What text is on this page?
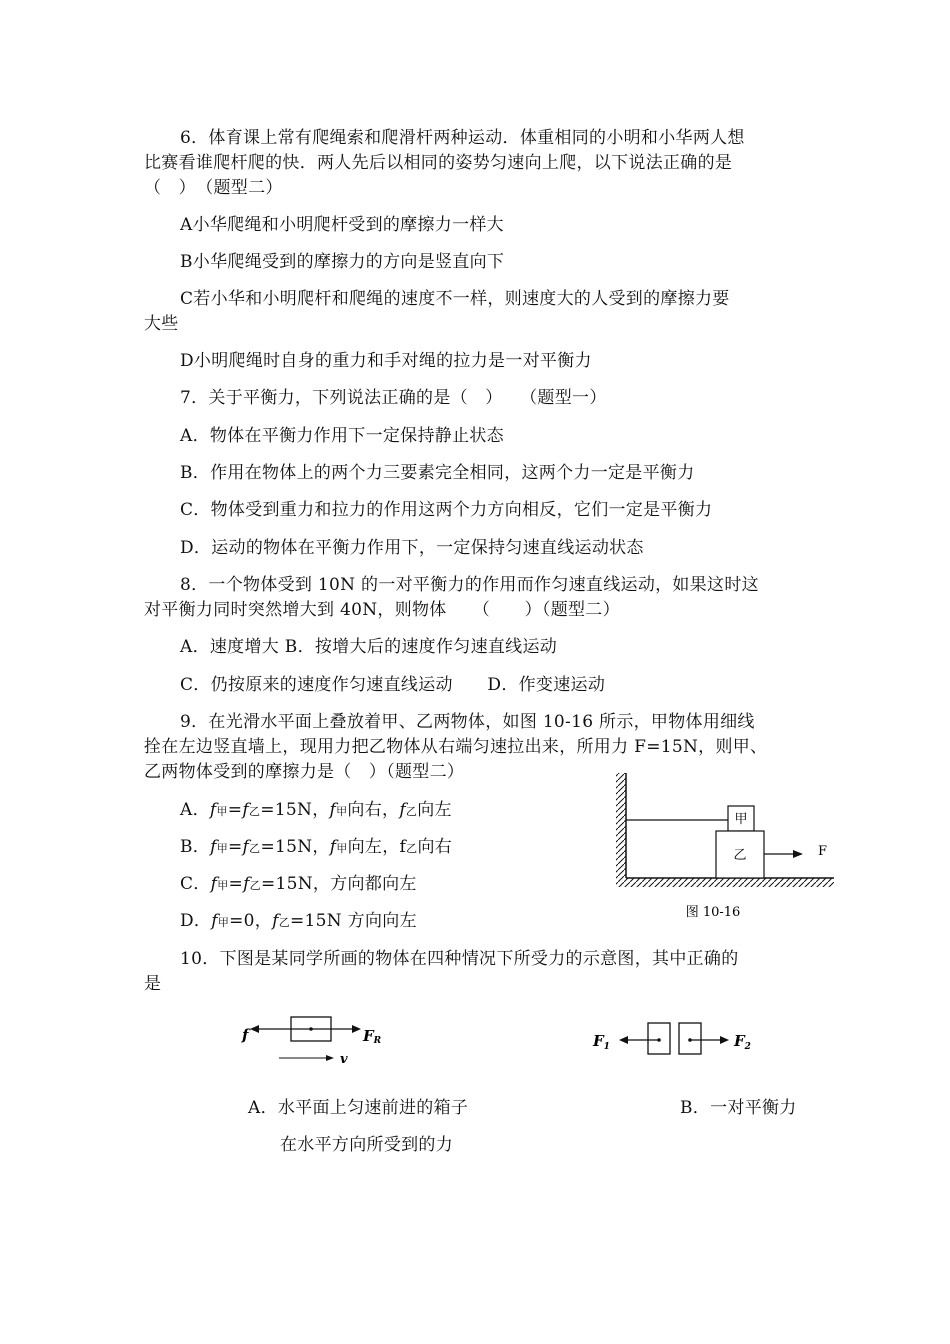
6．体育课上常有爬绳索和爬滑杆两种运动．体重相同的小明和小华两人想
比赛看谁爬杆爬的快．两人先后以相同的姿势匀速向上爬，以下说法正确的是
（　）　（题型二）
A小华爬绳和小明爬杆受到的摩擦力一样大
B小华爬绳受到的摩擦力的方向是竖直向下
C若小华和小明爬杆和爬绳的速度不一样，则速度大的人受到的摩擦力要
大些
D小明爬绳时自身的重力和手对绳的拉力是一对平衡力
7．关于平衡力，下列说法正确的是（　）　　（题型一）
A．物体在平衡力作用下一定保持静止状态
B．作用在物体上的两个力三要素完全相同，这两个力一定是平衡力
C．物体受到重力和拉力的作用这两个力方向相反，它们一定是平衡力
D．运动的物体在平衡力作用下，一定保持匀速直线运动状态
8．一个物体受到 10N 的一对平衡力的作用而作匀速直线运动，如果这时这
对平衡力同时突然增大到 40N，则物体　　（　　）（题型二）
A．速度增大 B．按增大后的速度作匀速直线运动
C．仍按原来的速度作匀速直线运动　　D．作变速运动
9．在光滑水平面上叠放着甲、乙两物体，如图 10-16 所示，甲物体用细线
拴在左边竖直墙上，现用力把乙物体从右端匀速拉出来，所用力 F=15N，则甲、
乙两物体受到的摩擦力是（　）（题型二）
A．f甲=f乙=15N，f甲向右，f乙向左
B．f甲=f乙=15N，f甲向左，f乙向右
C．f甲=f乙=15N，方向都向左
D．f甲=0，f乙=15N 方向向左
甲
乙	F
图 10-16
10．下图是某同学所画的物体在四种情况下所受力的示意图，其中正确的
是
f	FR
v
$F_1$	$F_2$
A．水平面上匀速前进的箱子
在水平方向所受到的力
B．一对平衡力
